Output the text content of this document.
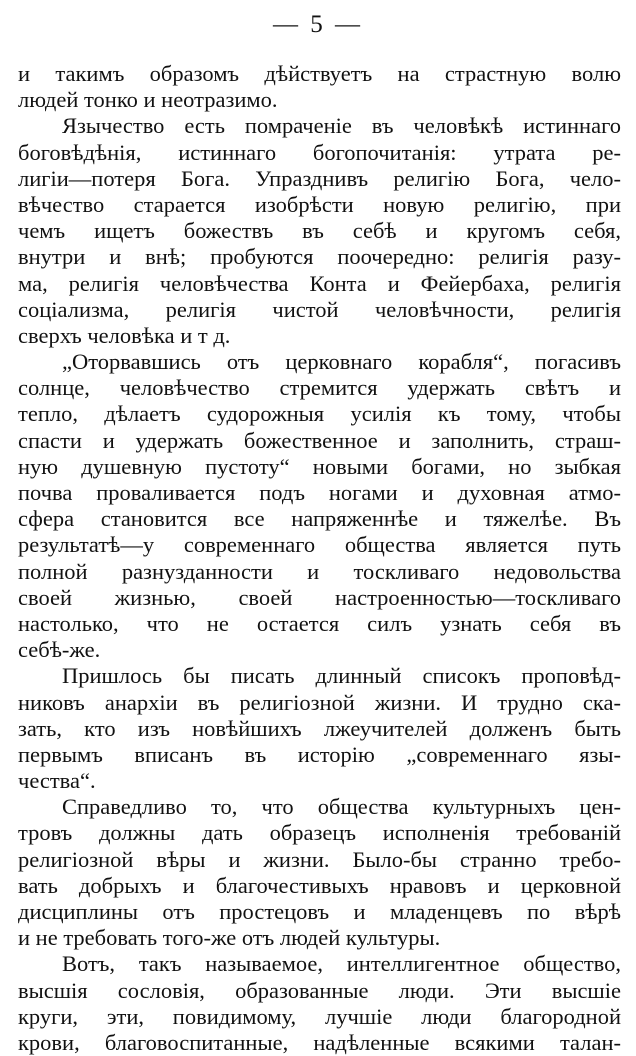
— 5 —
и такимъ образомъ дѣйствуетъ на страстную волю
людей тонко и неотразимо.
Язычество есть помраченіе въ человѣкѣ истиннаго
боговѣдѣнія, истиннаго богопочитанія: утрата ре-
лигіи—потеря Бога. Упразднивъ религію Бога, чело-
вѣчество старается изобрѣсти новую религію, при
чемъ ищетъ божествъ въ себѣ и кругомъ себя,
внутри и внѣ; пробуются поочередно: религія разу-
ма, религія человѣчества Конта и Фейербаха, религія
соціализма, религія чистой человѣчности, религія
сверхъ человѣка и т д.
„Оторвавшись отъ церковнаго корабля“, погасивъ
солнце, человѣчество стремится удержать свѣтъ и
тепло, дѣлаетъ судорожныя усилія къ тому, чтобы
спасти и удержать божественное и заполнить, страш-
ную душевную пустоту“ новыми богами, но зыбкая
почва проваливается подъ ногами и духовная атмо-
сфера становится все напряженнѣе и тяжелѣе. Въ
результатѣ—у современнаго общества является путь
полной разнузданности и тоскливаго недовольства
своей жизнью, своей настроенностью—тоскливаго
настолько, что не остается силъ узнать себя въ
себѣ-же.
Пришлось бы писать длинный списокъ проповѣд-
никовъ анархіи въ религіозной жизни. И трудно ска-
зать, кто изъ новѣйшихъ лжеучителей долженъ быть
первымъ вписанъ въ исторію „современнаго язы-
чества“.
Справедливо то, что общества культурныхъ цен-
тровъ должны дать образецъ исполненія требованій
религіозной вѣры и жизни. Было-бы странно требо-
вать добрыхъ и благочестивыхъ нравовъ и церковной
дисциплины отъ простецовъ и младенцевъ по вѣрѣ
и не требовать того-же отъ людей культуры.
Вотъ, такъ называемое, интеллигентное общество,
высшія сословія, образованные люди. Эти высшіе
круги, эти, повидимому, лучшіе люди благородной
крови, благовоспитанные, надѣленные всякими талан-
